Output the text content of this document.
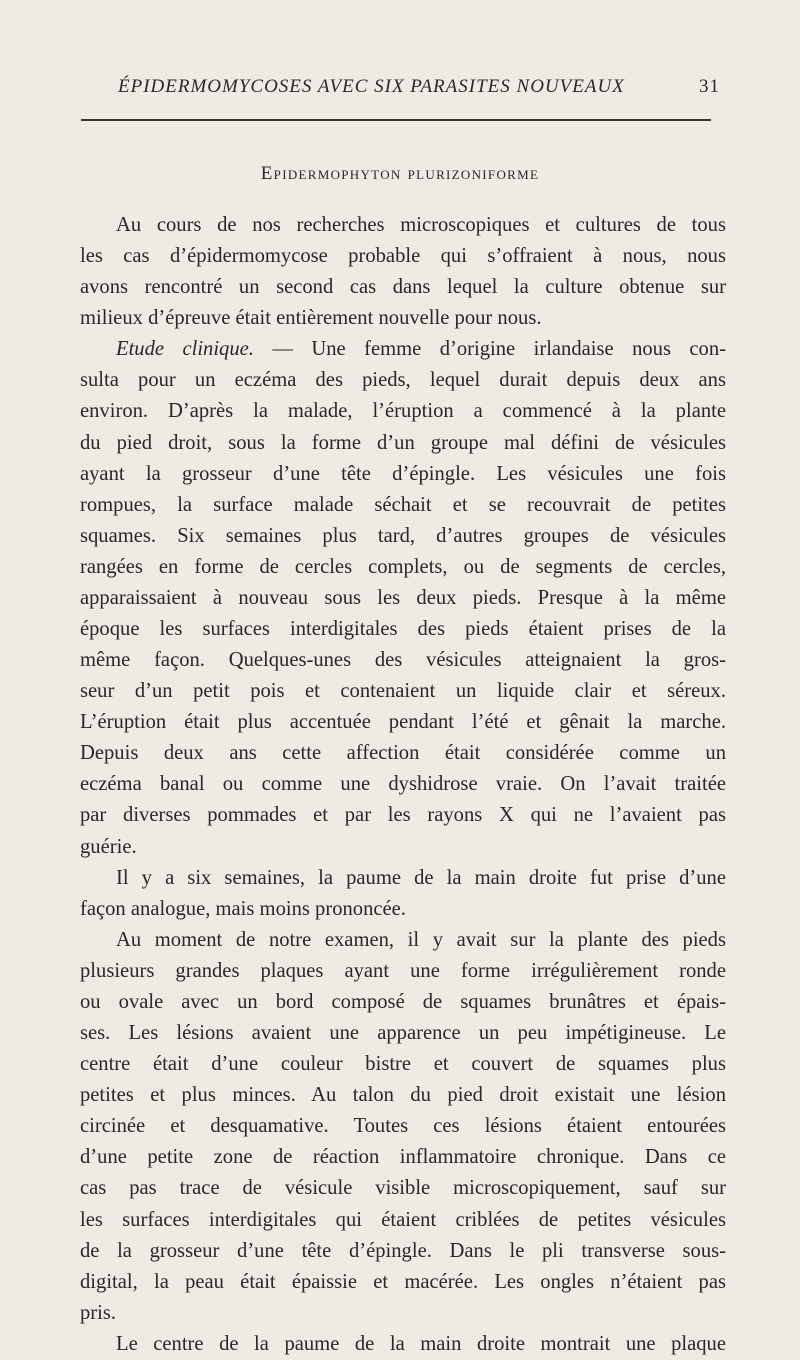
ÉPIDERMOMYCOSES AVEC SIX PARASITES NOUVEAUX	31
Epidermophyton plurizoniforme
Au cours de nos recherches microscopiques et cultures de tous
les cas d’épidermomycose probable qui s’offraient à nous, nous
avons rencontré un second cas dans lequel la culture obtenue sur
milieux d’épreuve était entièrement nouvelle pour nous.
Etude clinique. — Une femme d’origine irlandaise nous con-
sulta pour un eczéma des pieds, lequel durait depuis deux ans
environ. D’après la malade, l’éruption a commencé à la plante
du pied droit, sous la forme d’un groupe mal défini de vésicules
ayant la grosseur d’une tête d’épingle. Les vésicules une fois
rompues, la surface malade séchait et se recouvrait de petites
squames. Six semaines plus tard, d’autres groupes de vésicules
rangées en forme de cercles complets, ou de segments de cercles,
apparaissaient à nouveau sous les deux pieds. Presque à la même
époque les surfaces interdigitales des pieds étaient prises de la
même façon. Quelques-unes des vésicules atteignaient la gros-
seur d’un petit pois et contenaient un liquide clair et séreux.
L’éruption était plus accentuée pendant l’été et gênait la marche.
Depuis deux ans cette affection était considérée comme un
eczéma banal ou comme une dyshidrose vraie. On l’avait traitée
par diverses pommades et par les rayons X qui ne l’avaient pas
guérie.
Il y a six semaines, la paume de la main droite fut prise d’une
façon analogue, mais moins prononcée.
Au moment de notre examen, il y avait sur la plante des pieds
plusieurs grandes plaques ayant une forme irrégulièrement ronde
ou ovale avec un bord composé de squames brunâtres et épais-
ses. Les lésions avaient une apparence un peu impétigineuse. Le
centre était d’une couleur bistre et couvert de squames plus
petites et plus minces. Au talon du pied droit existait une lésion
circinée et desquamative. Toutes ces lésions étaient entourées
d’une petite zone de réaction inflammatoire chronique. Dans ce
cas pas trace de vésicule visible microscopiquement, sauf sur
les surfaces interdigitales qui étaient criblées de petites vésicules
de la grosseur d’une tête d’épingle. Dans le pli transverse sous-
digital, la peau était épaissie et macérée. Les ongles n’étaient pas
pris.
Le centre de la paume de la main droite montrait une plaque
